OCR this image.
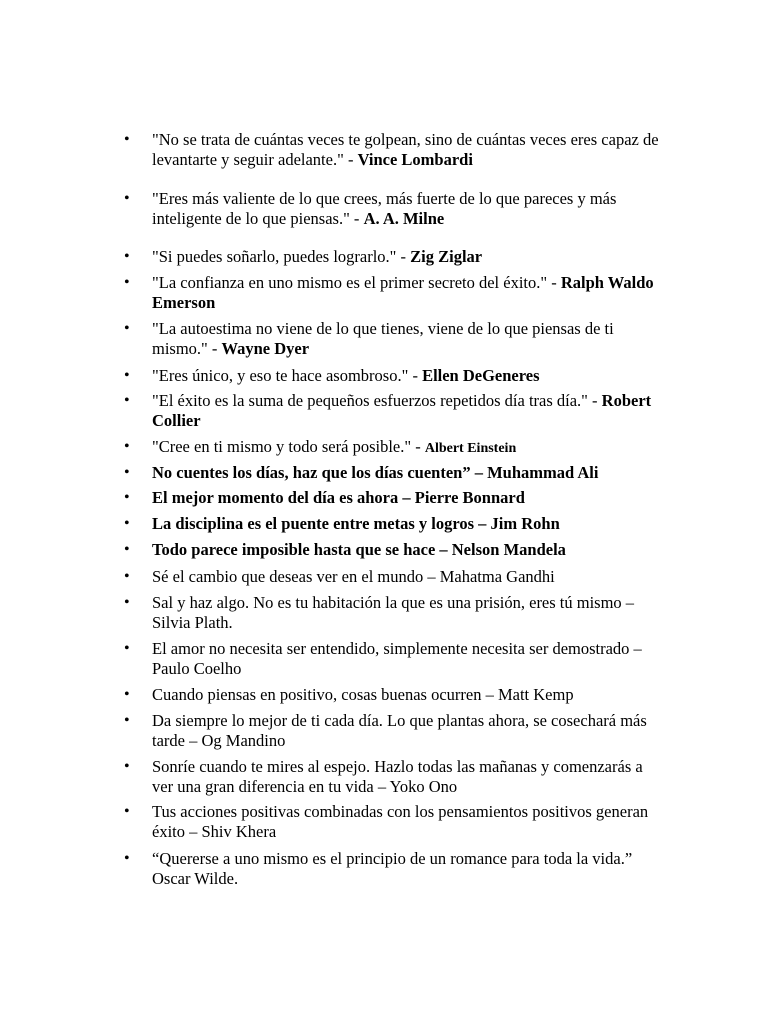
•	"No se trata de cuántas veces te golpean, sino de cuántas veces eres capaz de levantarte y seguir adelante." - Vince Lombardi
•	"Eres más valiente de lo que crees, más fuerte de lo que pareces y más inteligente de lo que piensas." - A. A. Milne
•	"Si puedes soñarlo, puedes lograrlo." - Zig Ziglar
•	"La confianza en uno mismo es el primer secreto del éxito." - Ralph Waldo Emerson
•	"La autoestima no viene de lo que tienes, viene de lo que piensas de ti mismo." - Wayne Dyer
•	"Eres único, y eso te hace asombroso." - Ellen DeGeneres
•	"El éxito es la suma de pequeños esfuerzos repetidos día tras día." - Robert Collier
•	"Cree en ti mismo y todo será posible." - Albert Einstein
•	No cuentes los días, haz que los días cuenten” – Muhammad Ali
•	El mejor momento del día es ahora – Pierre Bonnard
•	La disciplina es el puente entre metas y logros – Jim Rohn
•	Todo parece imposible hasta que se hace – Nelson Mandela
•	Sé el cambio que deseas ver en el mundo – Mahatma Gandhi
•	Sal y haz algo. No es tu habitación la que es una prisión, eres tú mismo – Silvia Plath.
•	El amor no necesita ser entendido, simplemente necesita ser demostrado – Paulo Coelho
•	Cuando piensas en positivo, cosas buenas ocurren – Matt Kemp
•	Da siempre lo mejor de ti cada día. Lo que plantas ahora, se cosechará más tarde – Og Mandino
•	Sonríe cuando te mires al espejo. Hazlo todas las mañanas y comenzarás a ver una gran diferencia en tu vida – Yoko Ono
•	Tus acciones positivas combinadas con los pensamientos positivos generan éxito – Shiv Khera
•	“Quererse a uno mismo es el principio de un romance para toda la vida.” Oscar Wilde.
